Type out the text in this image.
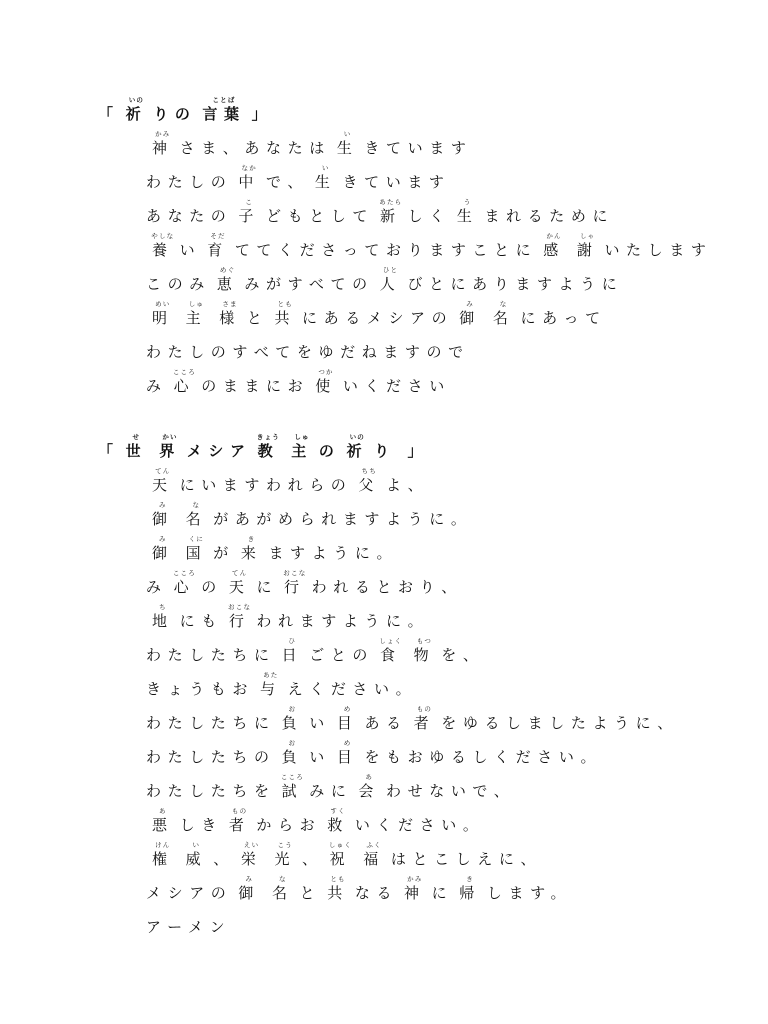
「祈
いの
りの言葉
ことば
」
神
かみ
さま、あなたは 生
い
きています
わたしの 中
なか
で、 生
い
きています
あなたの 子
こ
どもとして 新
あたら
しく 生
う
まれるために
養
やしな
い 育
そだ
ててくださっておりますことに 感
かん
謝
しゃ
いたします
このみ 恵
めぐ
みがすべての 人
ひと
びとにありますように
明
めい
主
しゅ
様
さま
と 共
とも
にあるメシアの 御
み
名
な
にあって
わたしのすべてをゆだねますので
み 心
こころ
のままにお 使
つか
いください
「世
せ
界
かい
メシア 教
きょう
主
しゅ
の 祈
いの
り 」
天
てん
にいますわれらの 父
ちち
よ、
御
み
名
な
があがめられますように。
御
み
国
くに
が 来
き
ますように。
み 心
こころ
の 天
てん
に 行
おこな
われるとおり、
地
ち
にも 行
おこな
われますように。
わたしたちに 日
ひ
ごとの 食
しょく
物
もつ
を、
きょうもお 与
あた
えください。
わたしたちに 負
お
い 目
め
ある 者
もの
をゆるしましたように、
わたしたちの 負
お
い 目
め
をもおゆるしください。
わたしたちを 試
こころ
みに 会
あ
わせないで、
悪
あ
しき 者
もの
からお 救
すく
いください。
権
けん
威
い
、 栄
えい
光
こう
、 祝
しゅく
福
ふく
はとこしえに、
メシアの 御
み
名
な
と 共
とも
なる 神
かみ
に 帰
き
します。
アーメン
